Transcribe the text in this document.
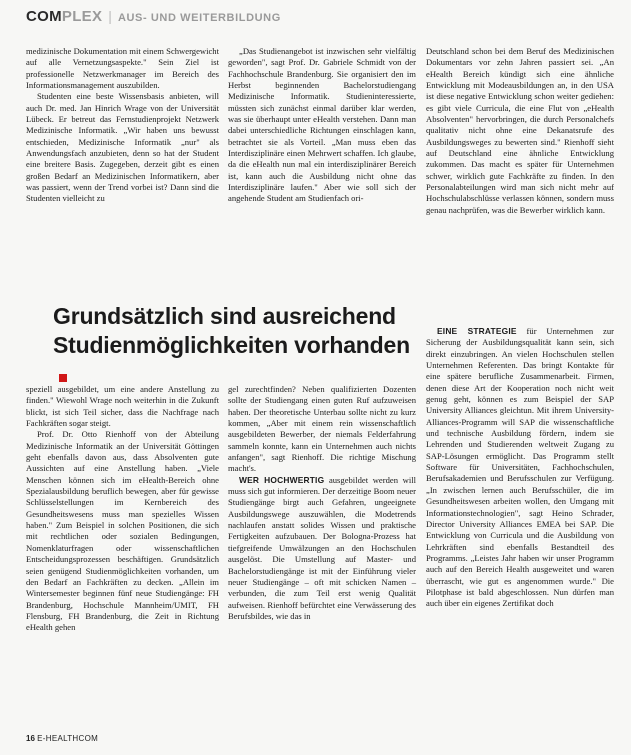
COMPLEX | AUS- UND WEITERBILDUNG

medizinische Dokumentation mit einem Schwergewicht auf alle Vernetzungsaspekte." Sein Ziel ist professionelle Netzwerkmanager im Bereich des Informationsmanagement auszubilden.

Studenten eine beste Wissensbasis anbieten, will auch Dr. med. Jan Hinrich Wrage von der Universität Lübeck. Er betreut das Fernstudienprojekt Netzwerk Medizinische Informatik. „Wir haben uns bewusst entschieden, Medizinische Informatik „nur" als Anwendungsfach anzubieten, denn so hat der Student eine breitere Basis. Zugegeben, derzeit gibt es einen großen Bedarf an Medizinischen Informatikern, aber was passiert, wenn der Trend vorbei ist? Dann sind die Studenten vielleicht zu

„Das Studienangebot ist inzwischen sehr vielfältig geworden", sagt Prof. Dr. Gabriele Schmidt von der Fachhochschule Brandenburg. Sie organisiert den im Herbst beginnenden Bachelorstudiengang Medizinische Informatik. Studieninteressierte, müssten sich zunächst einmal darüber klar werden, was sie überhaupt unter eHealth verstehen. Dann man dabei unterschiedliche Richtungen einschlagen kann, betrachtet sie als Vorteil. „Man muss eben das Interdisziplinäre einen Mehrwert schaffen. Ich glaube, da die eHealth nun mal ein interdisziplinärer Bereich ist, kann auch die Ausbildung nicht ohne das Interdisziplinäre laufen." Aber wie soll sich der angehende Student am Studienfach ori-

Grundsätzlich sind ausreichend
Studienmöglichkeiten vorhanden

speziell ausgebildet, um eine andere Anstellung zu finden." Wiewohl Wrage noch weiterhin in die Zukunft blickt, ist sich Teil sicher, dass die Nachfrage nach Fachkräften sogar steigt.

Prof. Dr. Otto Rienhoff von der Abteilung Medizinische Informatik an der Universität Göttingen geht ebenfalls davon aus, dass Absolventen gute Aussichten auf eine Anstellung haben. „Viele Menschen können sich im eHealth-Bereich ohne Spezialausbildung beruflich bewegen, aber für gewisse Schlüsselstellungen im Kernbereich des Gesundheitswesens muss man spezielles Wissen haben." Zum Beispiel in solchen Positionen, die sich mit rechtlichen oder sozialen Bedingungen, Nomenklaturfragen oder wissenschaftlichen Entscheidungsprozessen beschäftigen. Grundsätzlich seien genügend Studienmöglichkeiten vorhanden, um den Bedarf an Fachkräften zu decken. „Allein im Wintersemester beginnen fünf neue Studiengänge: FH Brandenburg, Hochschule Mannheim/UMIT, FH Flensburg, FH Brandenburg, die Zeit in Richtung eHealth gehen

gel zurechtfinden? Neben qualifizierten Dozenten sollte der Studiengang einen guten Ruf aufzuweisen haben. Der theoretische Unterbau sollte nicht zu kurz kommen, „Aber mit einem rein wissenschaftlich ausgebildeten Bewerber, der niemals Felderfahrung sammeln konnte, kann ein Unternehmen auch nichts anfangen", sagt Rienhoff. Die richtige Mischung macht's.

WER HOCHWERTIG ausgebildet werden will muss sich gut informieren. Der derzeitige Boom neuer Studiengänge birgt auch Gefahren, ungeeignete Ausbildungswege auszuwählen, die Modetrends nachlaufen anstatt solides Wissen und praktische Fertigkeiten aufzubauen. Der Bologna-Prozess hat tiefgreifende Umwälzungen an den Hochschulen ausgelöst. Die Umstellung auf Master- und Bachelorstudiengänge ist mit der Einführung vieler neuer Studiengänge – oft mit schicken Namen – verbunden, die zum Teil erst wenig Qualität aufweisen. Rienhoff befürchtet eine Verwässerung des Berufsbildes, wie das in

Deutschland schon bei dem Beruf des Medizinischen Dokumentars vor zehn Jahren passiert sei. „An eHealth Bereich kündigt sich eine ähnliche Entwicklung mit Modeausbildungen an, in den USA ist diese negative Entwicklung schon weiter gediehen: es gibt viele Curricula, die eine Flut von „eHealth Absolventen" hervorbringen, die durch Personalchefs qualitativ nicht ohne eine Dekanatsrufe des Ausbildungsweges zu bewerten sind." Rienhoff sieht auf Deutschland eine ähnliche Entwicklung zukommen. Das macht es später für Unternehmen schwer, wirklich gute Fachkräfte zu finden. In den Personalabteilungen wird man sich nicht mehr auf Hochschulabschlüsse verlassen können, sondern muss genau nachprüfen, was die Bewerber wirklich kann.

EINE STRATEGIE für Unternehmen zur Sicherung der Ausbildungsqualität kann sein, sich direkt einzubringen. An vielen Hochschulen stellen Unternehmen Referenten. Das bringt Kontakte für eine spätere berufliche Zusammenarbeit. Firmen, denen diese Art der Kooperation noch nicht weit genug geht, können es zum Beispiel der SAP University Alliances gleichtun. Mit ihrem University-Alliances-Programm will SAP die wissenschaftliche und technische Ausbildung fördern, indem sie Lehrenden und Studierenden weltweit Zugang zu SAP-Lösungen ermöglicht. Das Programm stellt Software für Universitäten, Fachhochschulen, Berufsakademien und Berufsschulen zur Verfügung. „In zwischen lernen auch Berufsschüler, die im Gesundheitswesen arbeiten wollen, den Umgang mit Informationstechnologien", sagt Heino Schrader, Director University Alliances EMEA bei SAP. Die Entwicklung von Curricula und die Ausbildung von Lehrkräften sind ebenfalls Bestandteil des Programms. „Leistes Jahr haben wir unser Programm auch auf den Bereich Health ausgeweitet und waren überrascht, wie gut es angenommen wurde." Die Pilotphase ist bald abgeschlossen. Nun dürfen man auch über ein eigenes Zertifikat doch

16 E-HEALTHCOM
